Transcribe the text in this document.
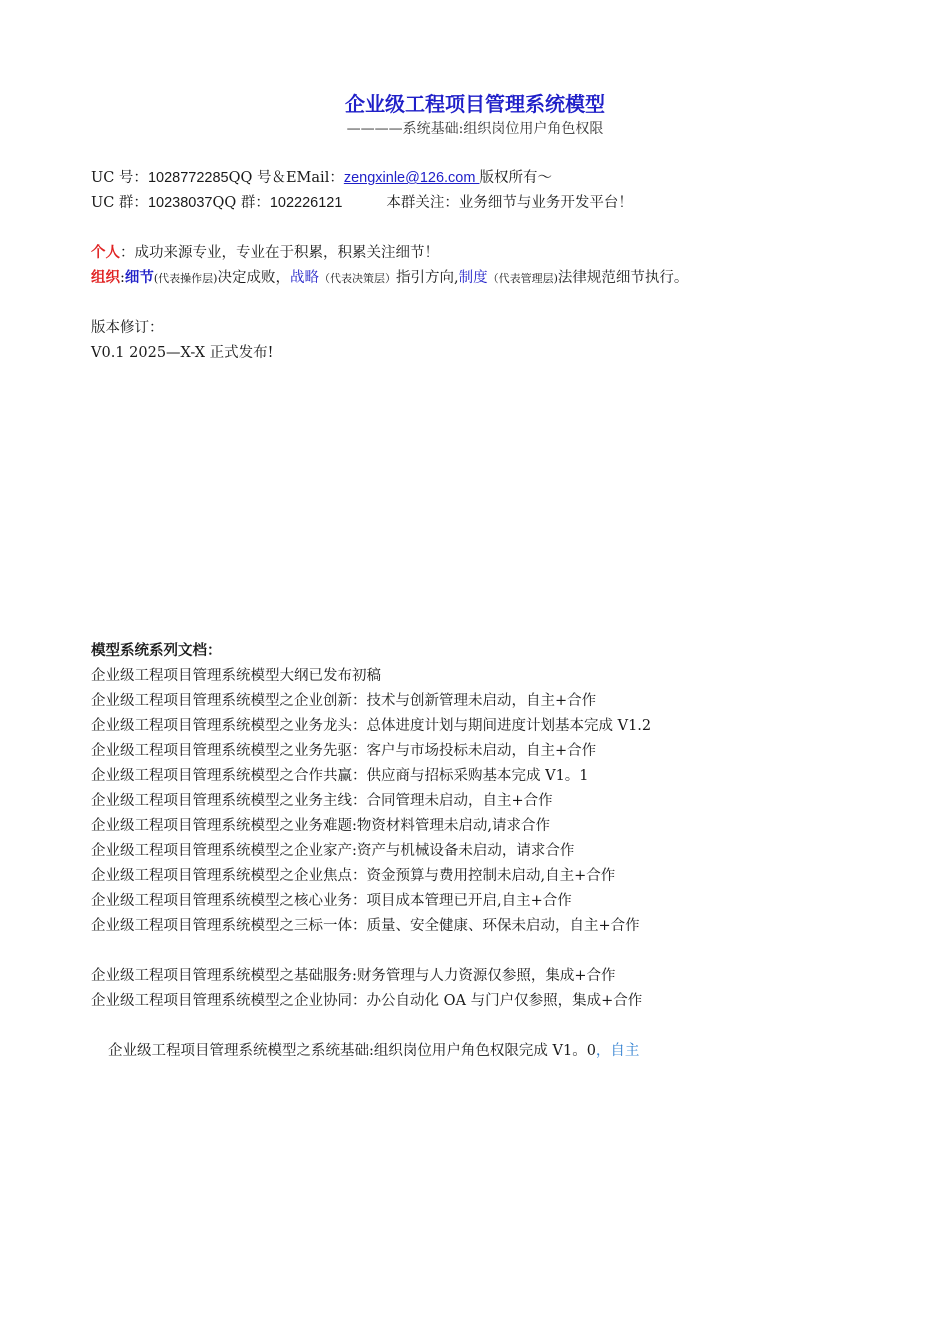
企业级工程项目管理系统模型
————系统基础:组织岗位用户角色权限
UC 号：1028772285QQ 号＆EMail：zengxinle@126.com 版权所有～
UC 群：10238037QQ 群：102226121	本群关注：业务细节与业务开发平台！
个人：成功来源专业，专业在于积累，积累关注细节！
组织:细节(代表操作层)决定成败，战略（代表决策层）指引方向,制度（代表管理层)法律规范细节执行。
版本修订：
V0.1 2025—X-X 正式发布!
模型系统系列文档：
企业级工程项目管理系统模型大纲已发布初稿
企业级工程项目管理系统模型之企业创新：技术与创新管理未启动，自主+合作
企业级工程项目管理系统模型之业务龙头：总体进度计划与期间进度计划基本完成 V1.2
企业级工程项目管理系统模型之业务先驱：客户与市场投标未启动，自主+合作
企业级工程项目管理系统模型之合作共赢：供应商与招标采购基本完成 V1。1
企业级工程项目管理系统模型之业务主线：合同管理未启动，自主+合作
企业级工程项目管理系统模型之业务难题:物资材料管理未启动,请求合作
企业级工程项目管理系统模型之企业家产:资产与机械设备未启动，请求合作
企业级工程项目管理系统模型之企业焦点：资金预算与费用控制未启动,自主+合作
企业级工程项目管理系统模型之核心业务：项目成本管理已开启,自主+合作
企业级工程项目管理系统模型之三标一体：质量、安全健康、环保未启动，自主+合作
企业级工程项目管理系统模型之基础服务:财务管理与人力资源仅参照，集成+合作
企业级工程项目管理系统模型之企业协同：办公自动化 OA 与门户仅参照，集成+合作
企业级工程项目管理系统模型之系统基础:组织岗位用户角色权限完成 V1。0，自主
